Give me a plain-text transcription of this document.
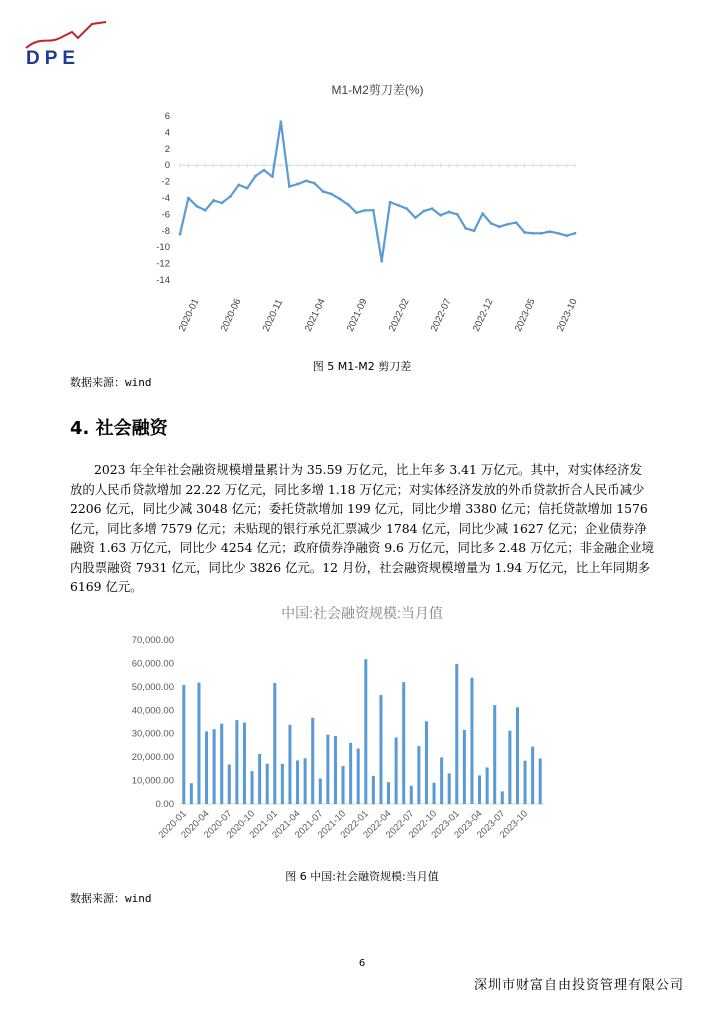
DPE
M1-M2剪刀差(%)
6
4
2
0
-2
-4
-6
-8
-10
-12
-14
2020-01 2020-06 2020-11 2021-04 2021-09 2022-02 2022-07 2022-12 2023-05 2023-10
图 5 M1-M2 剪刀差
数据来源：wind
4. 社会融资
2023 年全年社会融资规模增量累计为 35.59 万亿元，比上年多 3.41 万亿元。其中，对实体经济发放的人民币贷款增加 22.22 万亿元，同比多增 1.18 万亿元；对实体经济发放的外币贷款折合人民币减少 2206 亿元，同比少减 3048 亿元；委托贷款增加 199 亿元，同比少增 3380 亿元；信托贷款增加 1576 亿元，同比多增 7579 亿元；未贴现的银行承兑汇票减少 1784 亿元，同比少减 1627 亿元；企业债券净融资 1.63 万亿元，同比少 4254 亿元；政府债券净融资 9.6 万亿元，同比多 2.48 万亿元；非金融企业境内股票融资 7931 亿元，同比少 3826 亿元。12 月份，社会融资规模增量为 1.94 万亿元，比上年同期多 6169 亿元。
中国:社会融资规模:当月值
70,000.00
60,000.00
50,000.00
40,000.00
30,000.00
20,000.00
10,000.00
0.00
2020-01
2020-04
2020-07
2020-10
2021-01
2021-04
2021-07
2021-10
2022-01
2022-04
2022-07
2022-10
2023-01
2023-04
2023-07
2023-10
图 6 中国:社会融资规模:当月值
数据来源：wind
6
深圳市财富自由投资管理有限公司
